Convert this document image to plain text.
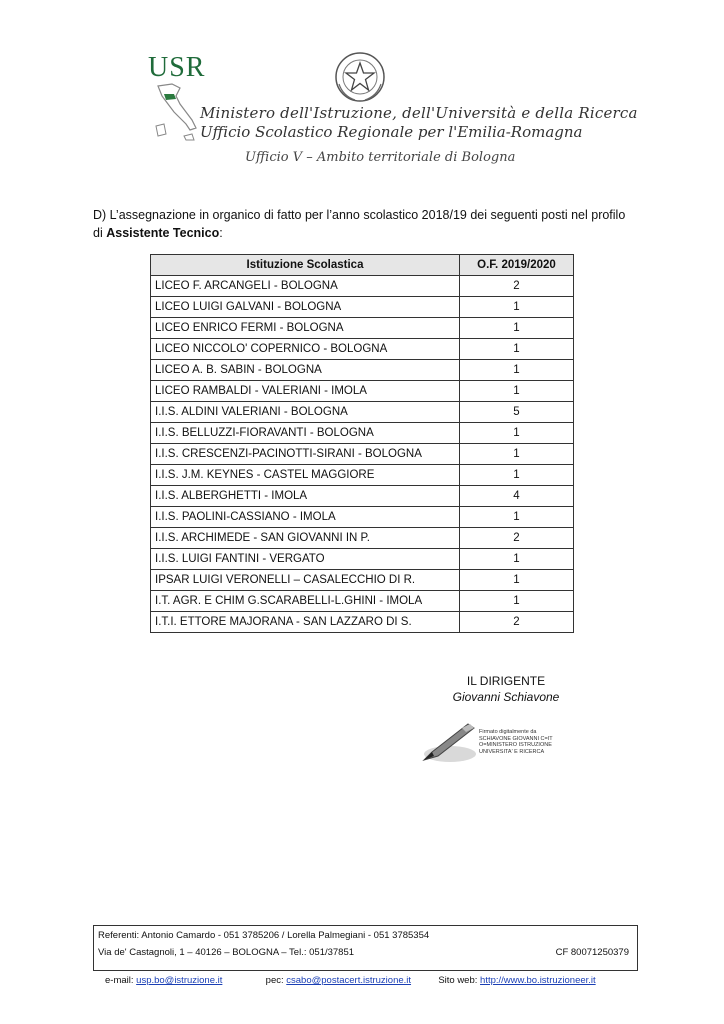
USR
Ministero dell'Istruzione, dell'Università e della Ricerca
Ufficio Scolastico Regionale per l'Emilia-Romagna
Ufficio V – Ambito territoriale di Bologna
D) L’assegnazione in organico di fatto per l’anno scolastico 2018/19 dei seguenti posti nel profilo di Assistente Tecnico:
Istituzione Scolastica	O.F. 2019/2020
LICEO F. ARCANGELI - BOLOGNA	2
LICEO LUIGI GALVANI - BOLOGNA	1
LICEO ENRICO FERMI - BOLOGNA	1
LICEO NICCOLO' COPERNICO - BOLOGNA	1
LICEO A. B. SABIN - BOLOGNA	1
LICEO RAMBALDI - VALERIANI - IMOLA	1
I.I.S. ALDINI VALERIANI - BOLOGNA	5
I.I.S. BELLUZZI-FIORAVANTI - BOLOGNA	1
I.I.S. CRESCENZI-PACINOTTI-SIRANI - BOLOGNA	1
I.I.S. J.M. KEYNES - CASTEL MAGGIORE	1
I.I.S. ALBERGHETTI - IMOLA	4
I.I.S. PAOLINI-CASSIANO - IMOLA	1
I.I.S. ARCHIMEDE - SAN GIOVANNI IN P.	2
I.I.S. LUIGI FANTINI - VERGATO	1
IPSAR LUIGI VERONELLI – CASALECCHIO DI R.	1
I.T. AGR. E CHIM G.SCARABELLI-L.GHINI - IMOLA	1
I.T.I. ETTORE MAJORANA - SAN LAZZARO DI S.	2
IL DIRIGENTE
Giovanni Schiavone
Firmato digitalmente da SCHIAVONE GIOVANNI C=IT O=MINISTERO ISTRUZIONE UNIVERSITA' E RICERCA
Referenti: Antonio Camardo - 051 3785206 / Lorella Palmegiani - 051 3785354
Via de' Castagnoli, 1 – 40126 – BOLOGNA – Tel.: 051/37851	CF 80071250379
e-mail: usp.bo@istruzione.it	pec: csabo@postacert.istruzione.it	Sito web: http://www.bo.istruzioneer.it
